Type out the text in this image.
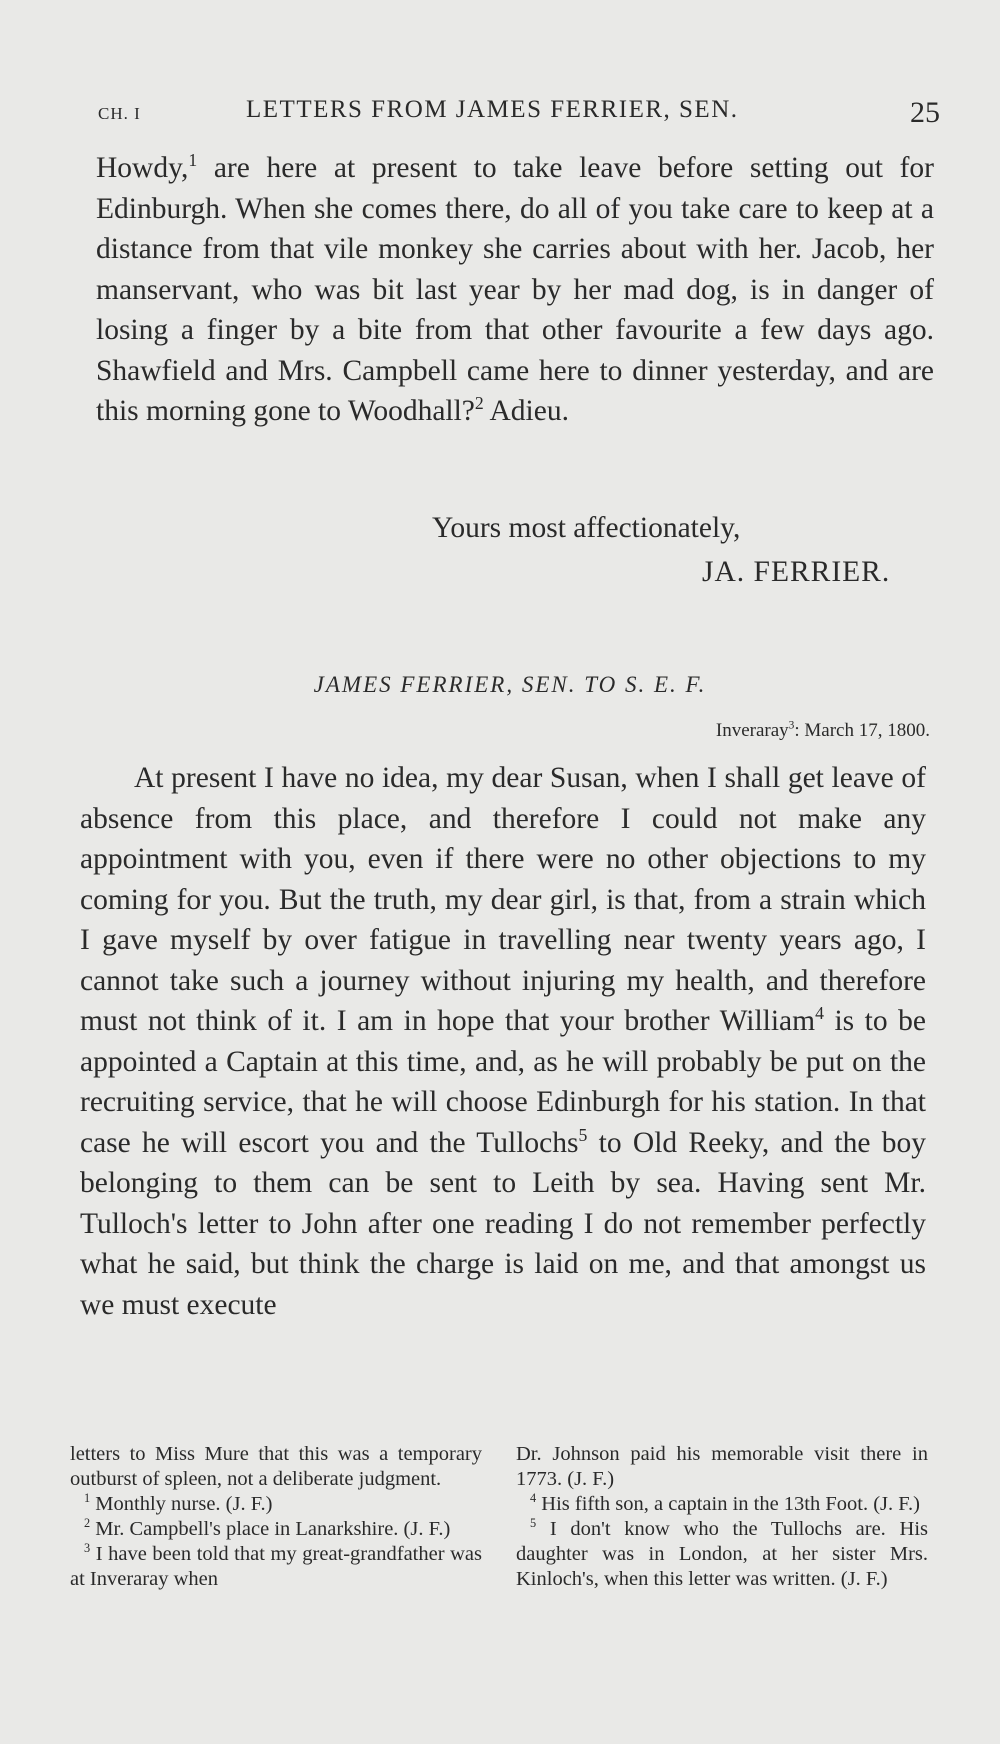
CH. I	LETTERS FROM JAMES FERRIER, SEN.	25
Howdy,$^1$ are here at present to take leave before setting out for Edinburgh. When she comes there, do all of you take care to keep at a distance from that vile monkey she carries about with her. Jacob, her manservant, who was bit last year by her mad dog, is in danger of losing a finger by a bite from that other favourite a few days ago. Shawfield and Mrs. Campbell came here to dinner yesterday, and are this morning gone to Woodhall?$^2$ Adieu.
Yours most affectionately,
JA. FERRIER.
JAMES FERRIER, SEN. TO S. E. F.
Inveraray$^3$: March 17, 1800.
At present I have no idea, my dear Susan, when I shall get leave of absence from this place, and therefore I could not make any appointment with you, even if there were no other objections to my coming for you. But the truth, my dear girl, is that, from a strain which I gave myself by over fatigue in travelling near twenty years ago, I cannot take such a journey without injuring my health, and therefore must not think of it. I am in hope that your brother William$^4$ is to be appointed a Captain at this time, and, as he will probably be put on the recruiting service, that he will choose Edinburgh for his station. In that case he will escort you and the Tullochs$^5$ to Old Reeky, and the boy belonging to them can be sent to Leith by sea. Having sent Mr. Tulloch's letter to John after one reading I do not remember perfectly what he said, but think the charge is laid on me, and that amongst us we must execute

letters to Miss Mure that this was a temporary outburst of spleen, not a deliberate judgment.

$^1$ Monthly nurse. (J. F.)

$^2$ Mr. Campbell's place in Lanarkshire. (J. F.)

$^3$ I have been told that my great-grandfather was at Inveraray when

Dr. Johnson paid his memorable visit there in 1773. (J. F.)

$^4$ His fifth son, a captain in the 13th Foot. (J. F.)

$^5$ I don't know who the Tullochs are. His daughter was in London, at her sister Mrs. Kinloch's, when this letter was written. (J. F.)
